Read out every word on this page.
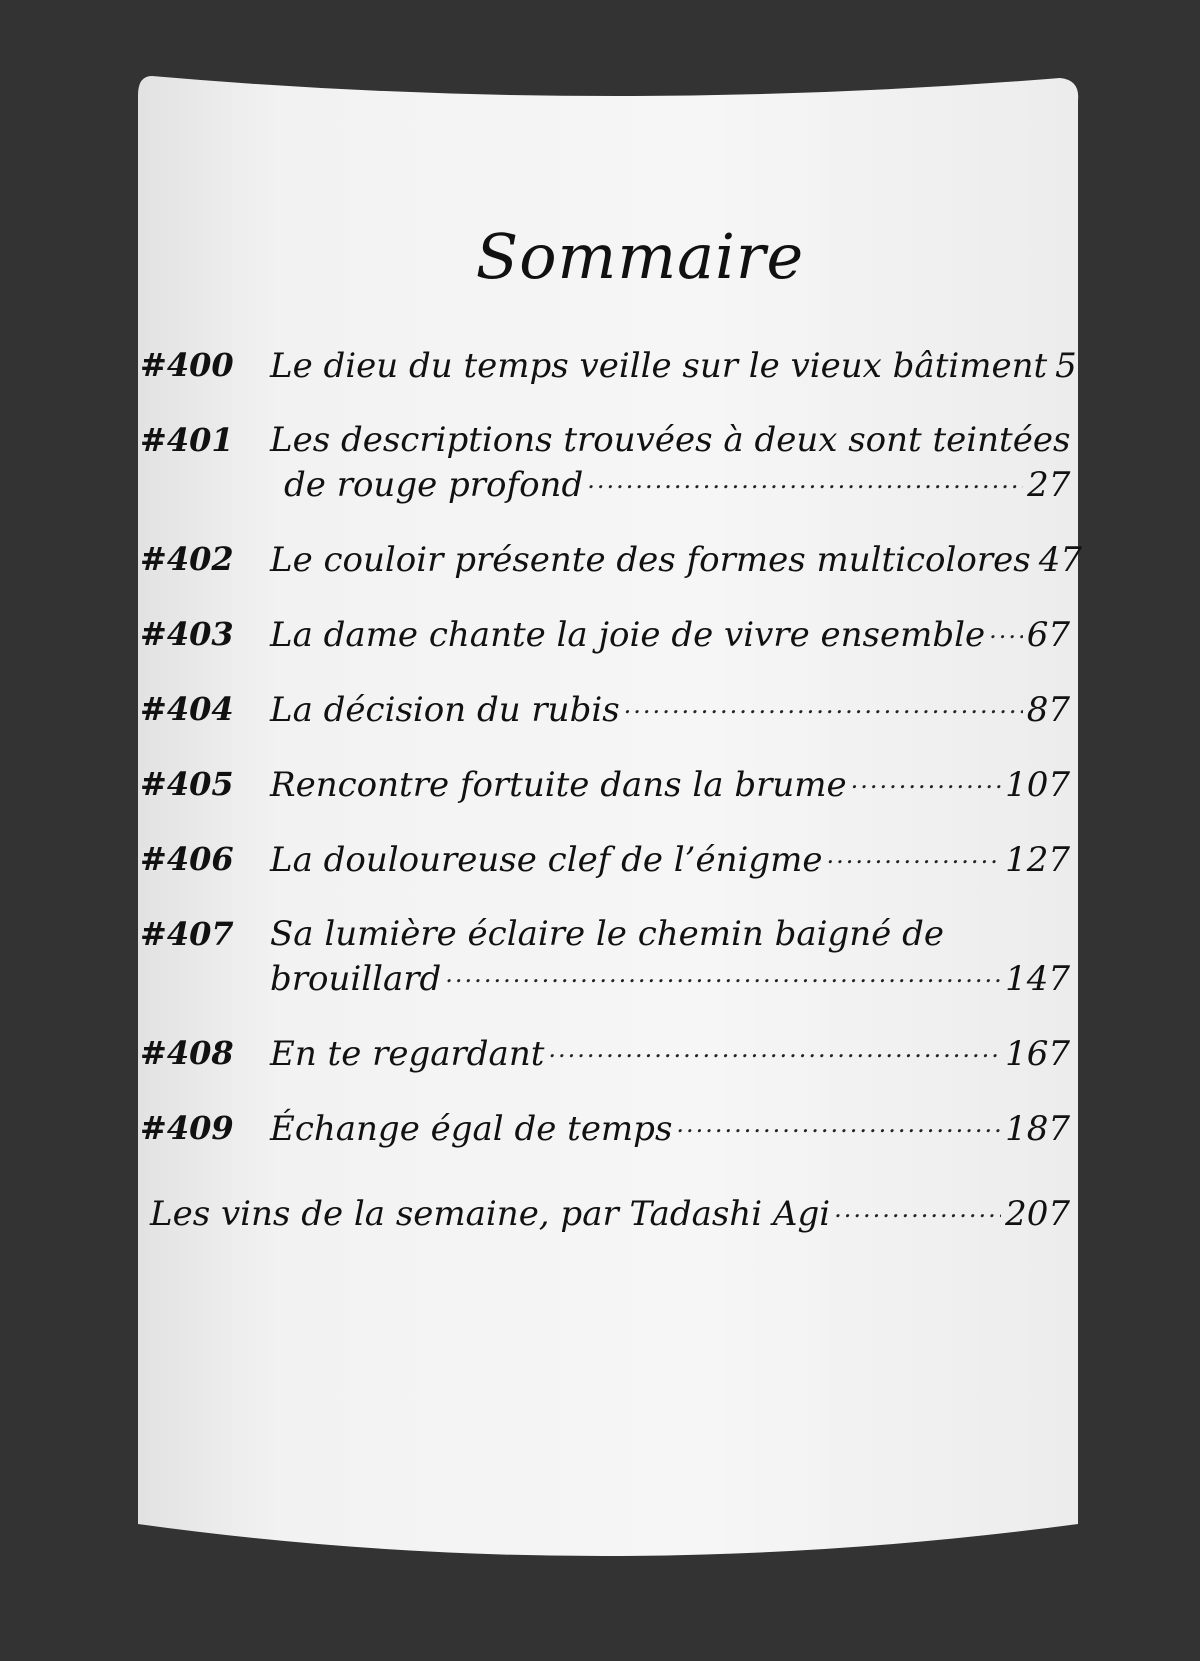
Sommaire
#400	Le dieu du temps veille sur le vieux bâtiment 5
#401	Les descriptions trouvées à deux sont teintées
de rouge profond .....	27
#402	Le couloir présente des formes multicolores 47
#403	La dame chante la joie de vivre ensemble ..... 67
#404	La décision du rubis .....	87
#405	Rencontre fortuite dans la brume .....	107
#406	La douloureuse clef de l’énigme .....	127
#407	Sa lumière éclaire le chemin baigné de
brouillard .....	147
#408	En te regardant .....	167
#409	Échange égal de temps .....	187
Les vins de la semaine, par Tadashi Agi .....	207
